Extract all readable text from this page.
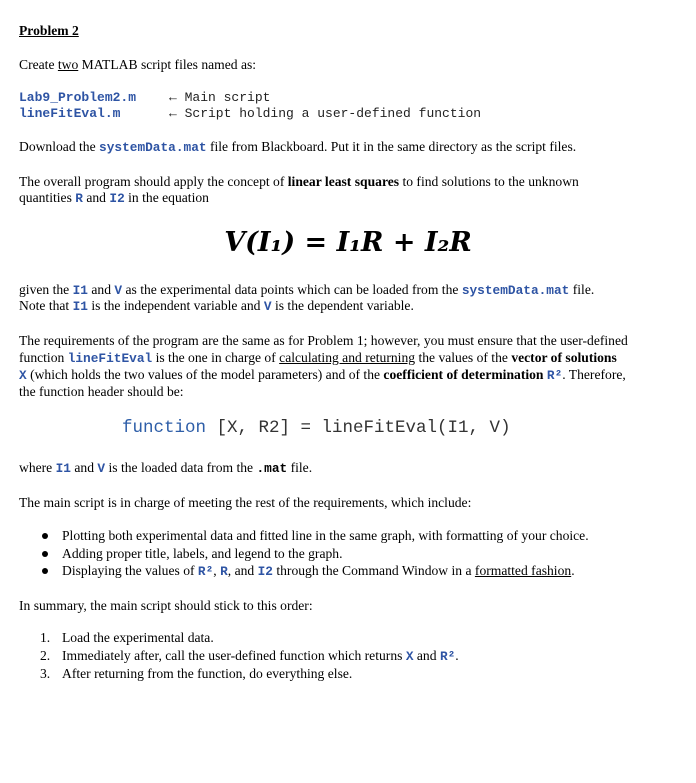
Problem 2
Create two MATLAB script files named as:
Lab9_Problem2.m	← Main script
lineFitEval.m	← Script holding a user-defined function
Download the systemData.mat file from Blackboard. Put it in the same directory as the script files.
The overall program should apply the concept of linear least squares to find solutions to the unknown
quantities R and I2 in the equation
V(I₁) = I₁R + I₂R
given the I1 and V as the experimental data points which can be loaded from the systemData.mat file.
Note that I1 is the independent variable and V is the dependent variable.
The requirements of the program are the same as for Problem 1; however, you must ensure that the user-defined
function lineFitEval is the one in charge of calculating and returning the values of the vector of solutions
X (which holds the two values of the model parameters) and of the coefficient of determination R². Therefore,
the function header should be:
function [X, R2] = lineFitEval(I1, V)
where I1 and V is the loaded data from the .mat file.
The main script is in charge of meeting the rest of the requirements, which include:
Plotting both experimental data and fitted line in the same graph, with formatting of your choice.
Adding proper title, labels, and legend to the graph.
Displaying the values of R², R, and I2 through the Command Window in a formatted fashion.
In summary, the main script should stick to this order:
1. Load the experimental data.
2. Immediately after, call the user-defined function which returns X and R².
3. After returning from the function, do everything else.
